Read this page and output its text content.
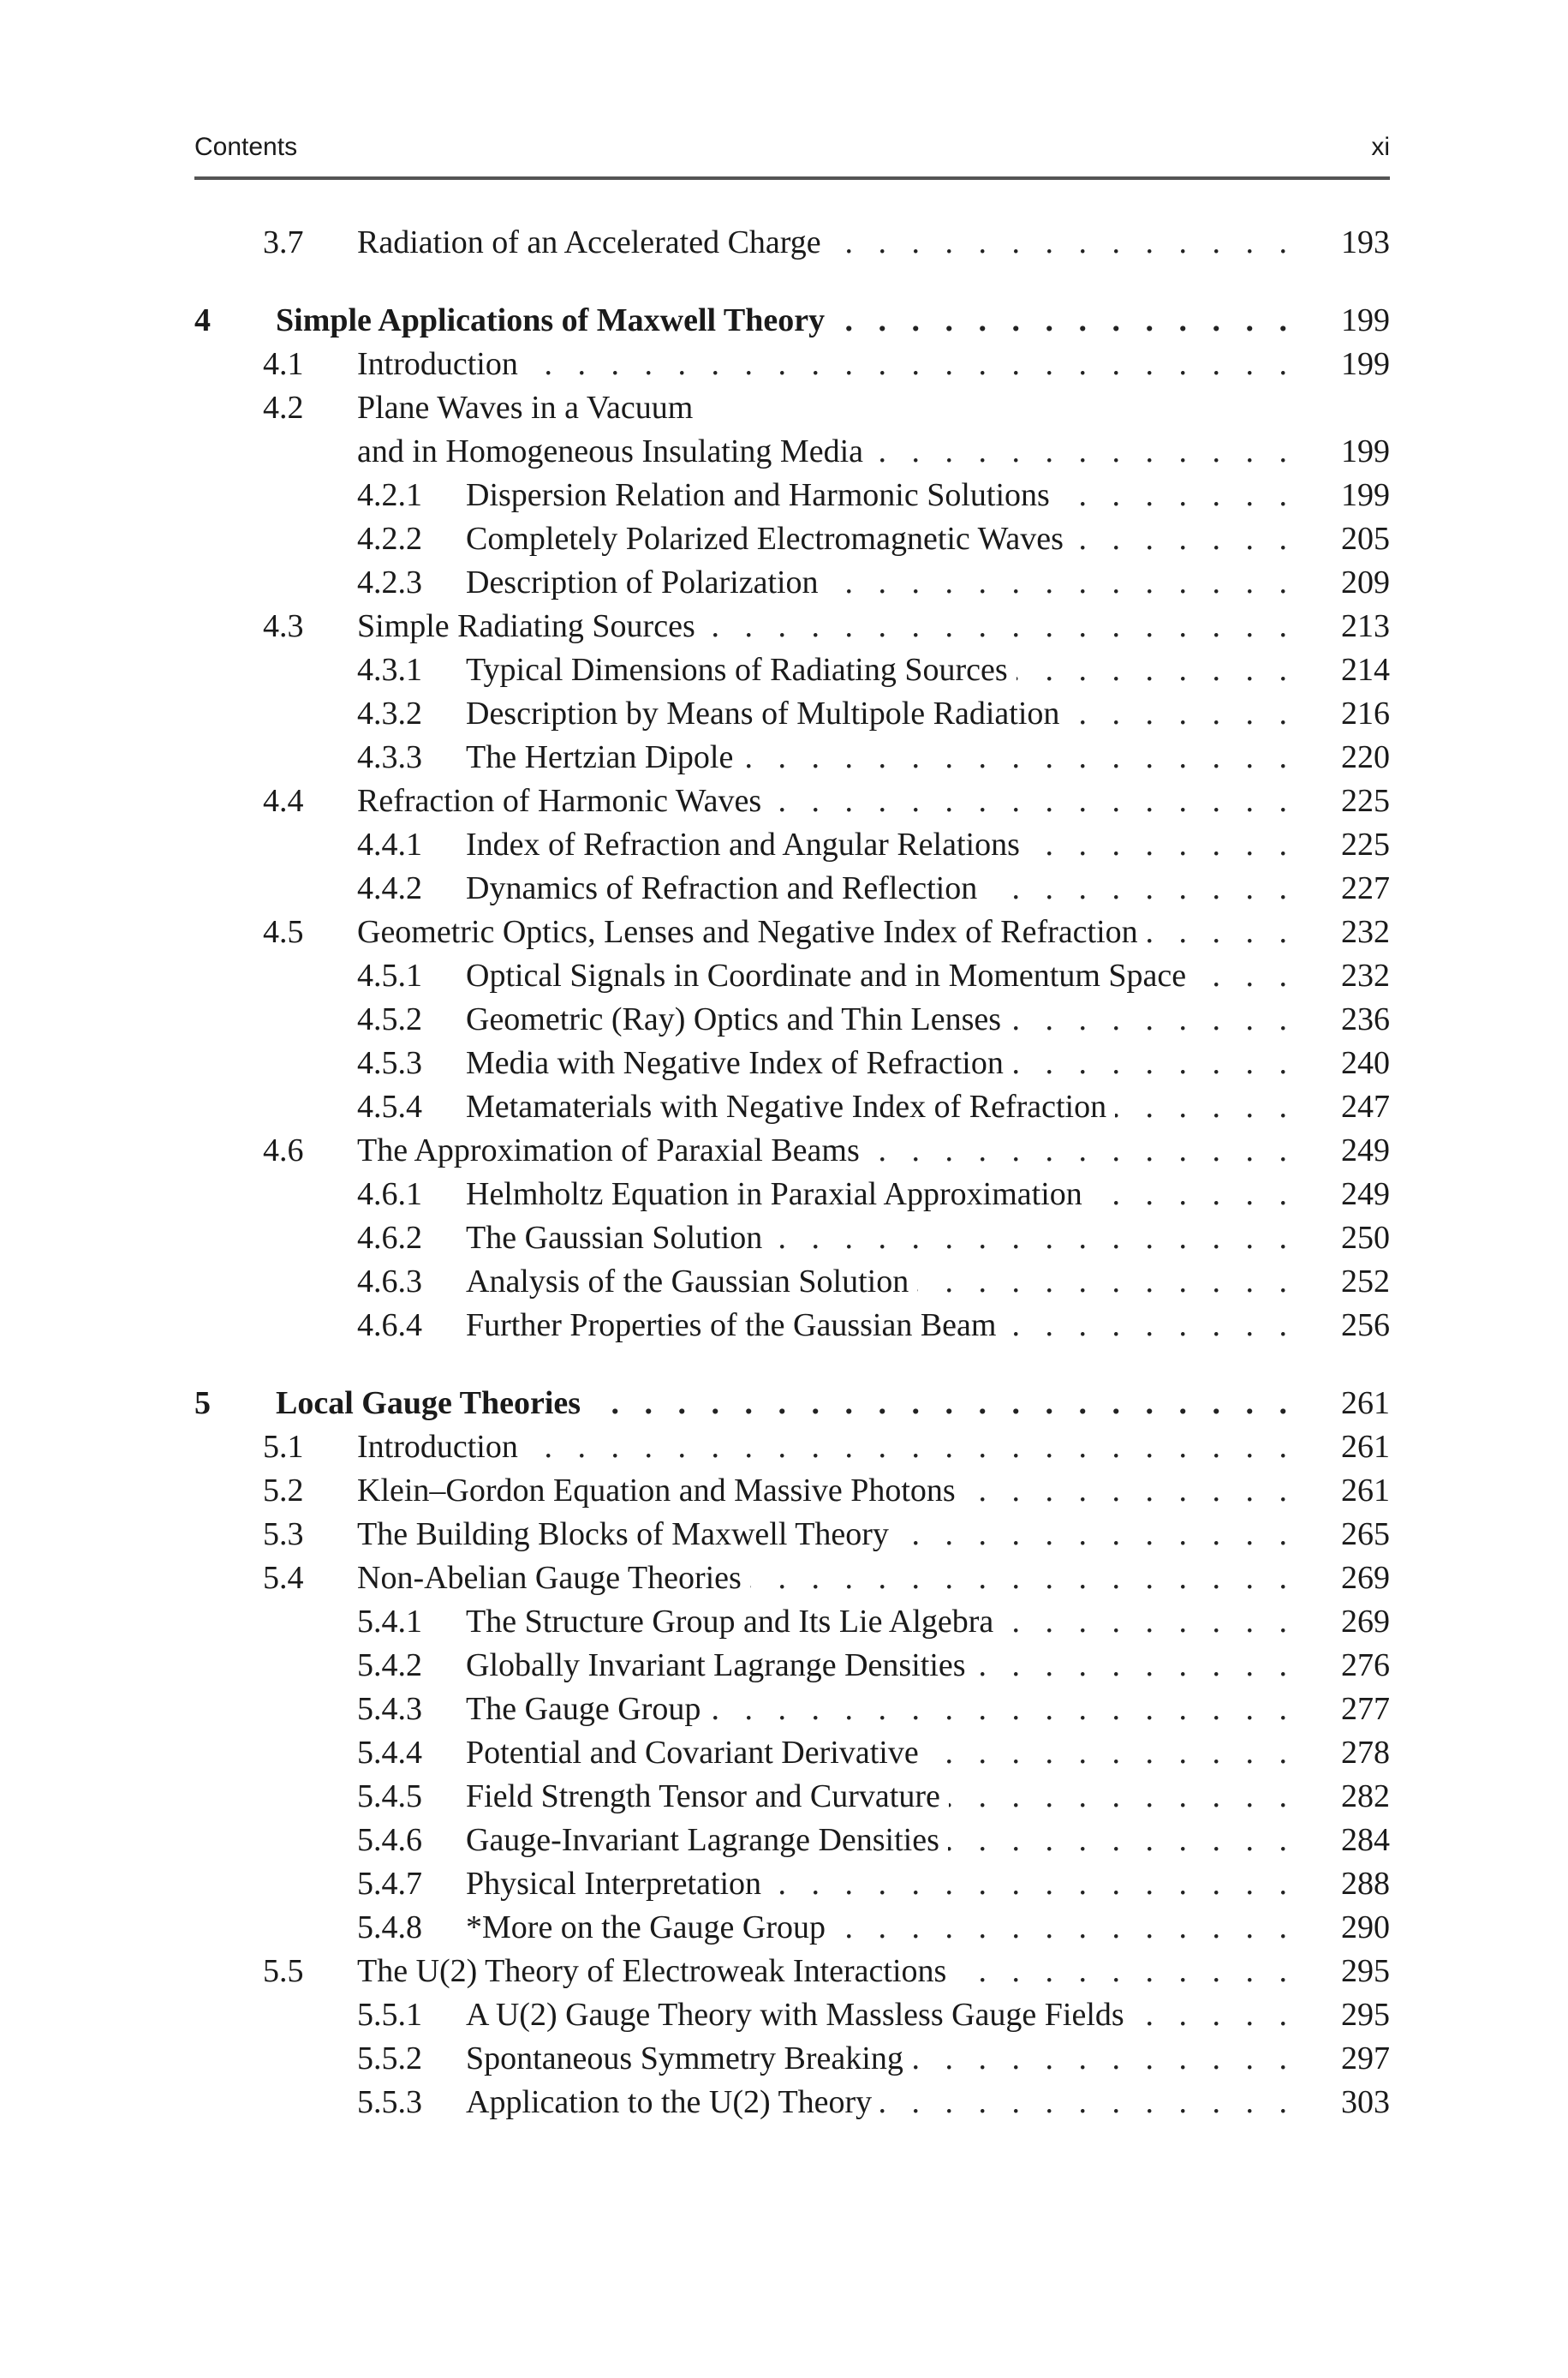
Contents	xi
3.7 . . . Radiation of an Accelerated Charge	193
4 . . . Simple Applications of Maxwell Theory	199
4.1 . . . Introduction	199
4.2 Plane Waves in a Vacuum
. . .
and in Homogeneous Insulating Media	199
4.2.1 . . . Dispersion Relation and Harmonic Solutions	199
4.2.2 . . . Completely Polarized Electromagnetic Waves	205
4.2.3 . . . Description of Polarization	209
4.3 . . . Simple Radiating Sources	213
4.3.1 . . . Typical Dimensions of Radiating Sources	214
4.3.2 . . . Description by Means of Multipole Radiation	216
4.3.3 . . . The Hertzian Dipole	220
4.4 . . . Refraction of Harmonic Waves	225
4.4.1 . . . Index of Refraction and Angular Relations	225
4.4.2 . . . Dynamics of Refraction and Reflection	227
4.5 . . . Geometric Optics, Lenses and Negative Index of Refraction	232
4.5.1 . . . Optical Signals in Coordinate and in Momentum Space	232
4.5.2 . . . Geometric (Ray) Optics and Thin Lenses	236
4.5.3 . . . Media with Negative Index of Refraction	240
4.5.4 . . . Metamaterials with Negative Index of Refraction	247
4.6 . . . The Approximation of Paraxial Beams	249
4.6.1 . . . Helmholtz Equation in Paraxial Approximation	249
4.6.2 . . . The Gaussian Solution	250
4.6.3 . . . Analysis of the Gaussian Solution	252
4.6.4 . . . Further Properties of the Gaussian Beam	256
5 . . . Local Gauge Theories	261
5.1 . . . Introduction	261
5.2 . . . Klein–Gordon Equation and Massive Photons	261
5.3 . . . The Building Blocks of Maxwell Theory	265
5.4 . . . Non-Abelian Gauge Theories	269
5.4.1 . . . The Structure Group and Its Lie Algebra	269
5.4.2 . . . Globally Invariant Lagrange Densities	276
5.4.3 . . . The Gauge Group	277
5.4.4 . . . Potential and Covariant Derivative	278
5.4.5 . . . Field Strength Tensor and Curvature	282
5.4.6 . . . Gauge-Invariant Lagrange Densities	284
5.4.7 . . . Physical Interpretation	288
5.4.8 . . . *More on the Gauge Group	290
5.5 . . . The U(2) Theory of Electroweak Interactions	295
5.5.1 . . . A U(2) Gauge Theory with Massless Gauge Fields	295
5.5.2 . . . Spontaneous Symmetry Breaking	297
5.5.3 . . . Application to the U(2) Theory	303
